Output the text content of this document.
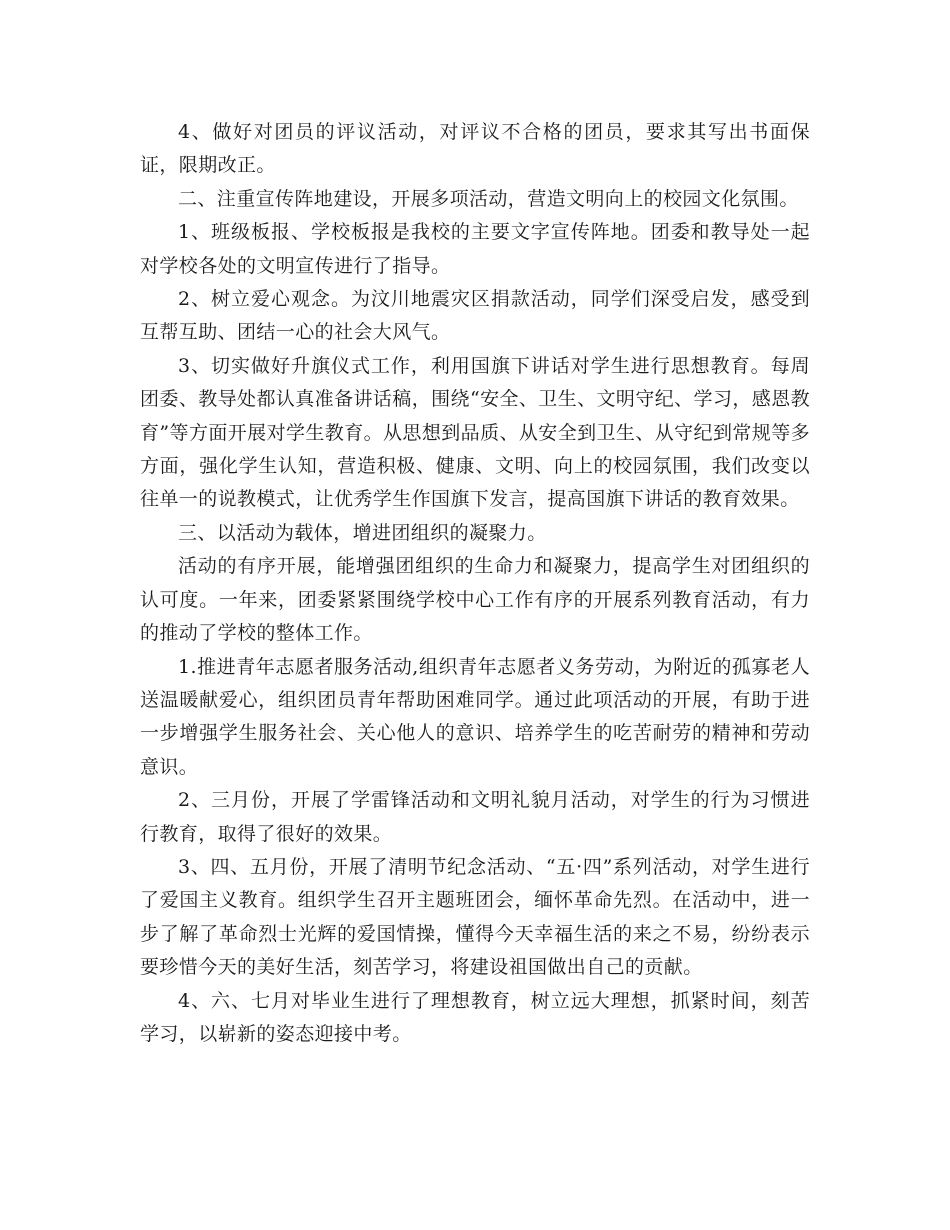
4、做好对团员的评议活动，对评议不合格的团员，要求其写出书面保证，限期改正。

二、注重宣传阵地建设，开展多项活动，营造文明向上的校园文化氛围。

1、班级板报、学校板报是我校的主要文字宣传阵地。团委和教导处一起对学校各处的文明宣传进行了指导。

2、树立爱心观念。为汶川地震灾区捐款活动，同学们深受启发，感受到互帮互助、团结一心的社会大风气。

3、切实做好升旗仪式工作，利用国旗下讲话对学生进行思想教育。每周团委、教导处都认真准备讲话稿，围绕“安全、卫生、文明守纪、学习，感恩教育”等方面开展对学生教育。从思想到品质、从安全到卫生、从守纪到常规等多方面，强化学生认知，营造积极、健康、文明、向上的校园氛围，我们改变以往单一的说教模式，让优秀学生作国旗下发言，提高国旗下讲话的教育效果。

三、以活动为载体，增进团组织的凝聚力。

活动的有序开展，能增强团组织的生命力和凝聚力，提高学生对团组织的认可度。一年来，团委紧紧围绕学校中心工作有序的开展系列教育活动，有力的推动了学校的整体工作。

1.推进青年志愿者服务活动,组织青年志愿者义务劳动，为附近的孤寡老人送温暖献爱心，组织团员青年帮助困难同学。通过此项活动的开展，有助于进一步增强学生服务社会、关心他人的意识、培养学生的吃苦耐劳的精神和劳动意识。

2、三月份，开展了学雷锋活动和文明礼貌月活动，对学生的行为习惯进行教育，取得了很好的效果。

3、四、五月份，开展了清明节纪念活动、“五·四”系列活动，对学生进行了爱国主义教育。组织学生召开主题班团会，缅怀革命先烈。在活动中，进一步了解了革命烈士光辉的爱国情操，懂得今天幸福生活的来之不易，纷纷表示要珍惜今天的美好生活，刻苦学习，将建设祖国做出自己的贡献。

4、六、七月对毕业生进行了理想教育，树立远大理想，抓紧时间，刻苦学习，以崭新的姿态迎接中考。
